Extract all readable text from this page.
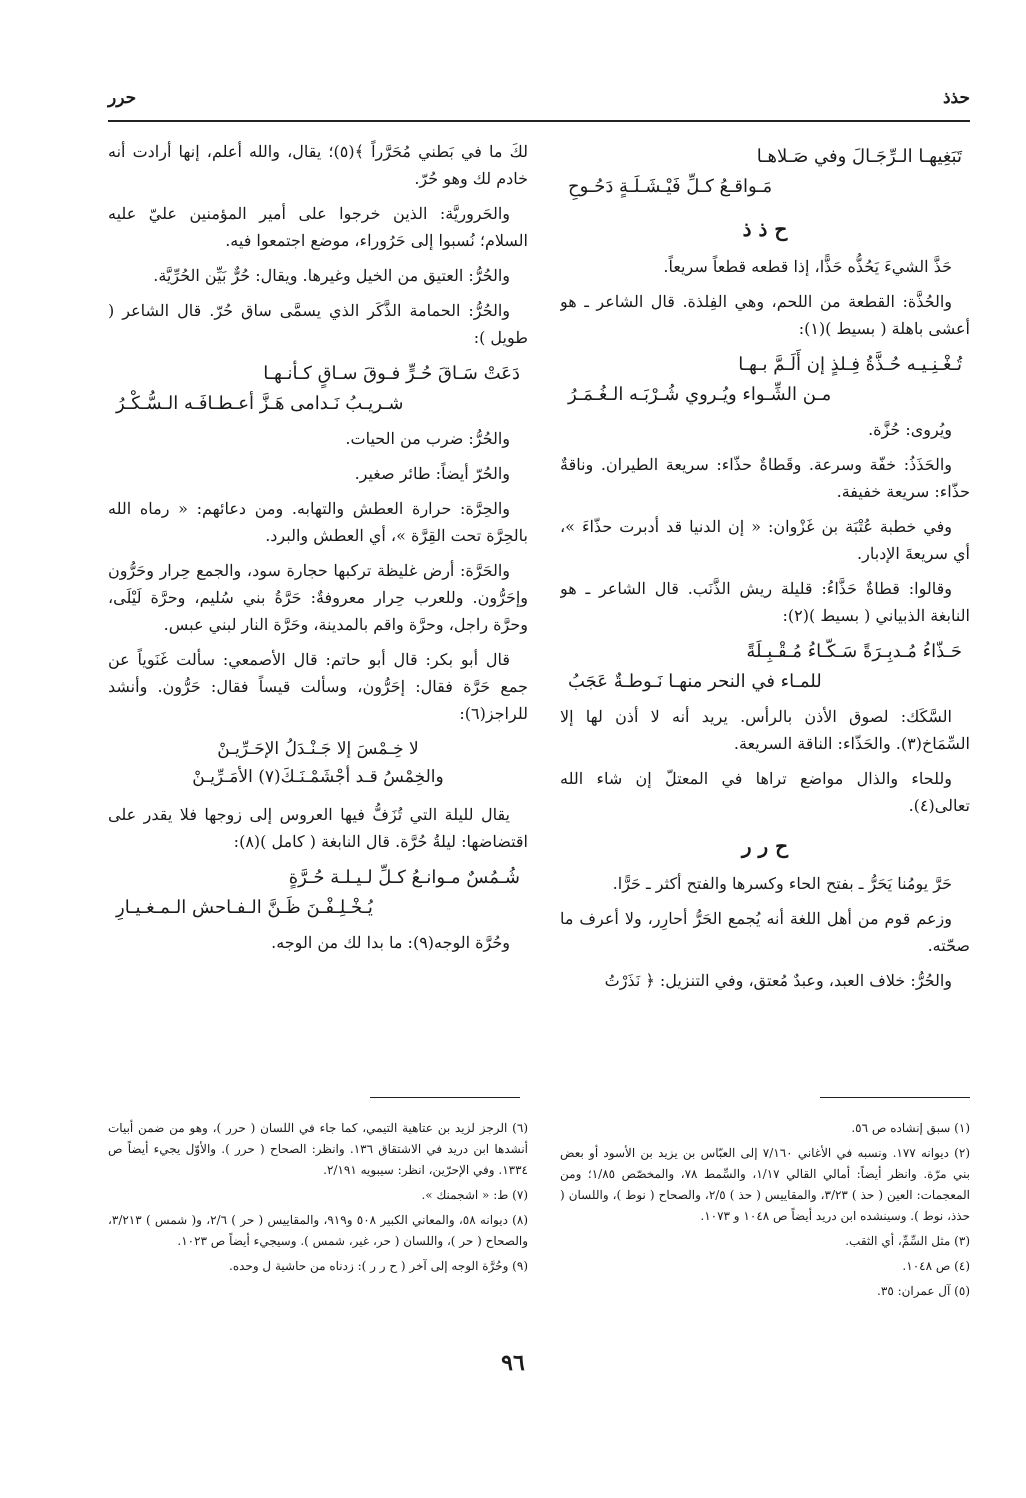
حذذ
حرر
تَبَغِيهـا الـرِّجَـالَ وفي صَـلاهـا
مَـواقـعُ كـلِّ فَيْـشَـلَـةٍ دَحُـوحِ
ح ذ ذ

حَذَّ الشيءَ يَحُذُّه حَذًّا، إذا قطعه قطعاً سريعاً.

والحُذَّة: القطعة من اللحم، وهي الفِلذة. قال الشاعر ـ هو أعشى باهلة ( بسيط )(١):

تُـغْـنِـيـه حُـذَّةُ فِـلذٍ إن أَلَـمَّ بـهـا
مـن الشِّـواء ويُـروي شُـرْبَـه الـغُـمَـرُ

ويُروى: حُزَّة.

والحَذَذُ: خفّة وسرعة. وقَطاةٌ حذّاء: سريعة الطيران. وناقةٌ حذّاء: سريعة خفيفة.

وفي خطبة عُتْبَة بن غَزْوان: « إن الدنيا قد أدبرت حذّاءَ »، أي سريعةَ الإدبار.

وقالوا: قطاةٌ حَذَّاءُ: قليلة ريش الذَّنَب. قال الشاعر ـ هو النابغة الذبياني ( بسيط )(٢):

حَـذّاءُ مُـدبِـرَةً سَـكّـاءُ مُـقْـبِـلَةً
للمـاء في النحر منهـا نَـوطـةٌ عَجَبُ

السَّكَك: لصوق الأذن بالرأس. يريد أنه لا أذن لها إلا السِّمَاخ(٣). والحَذّاء: الناقة السريعة.

وللحاء والذال مواضع تراها في المعتلّ إن شاء الله تعالى(٤).

ح ر ر

حَرَّ يومُنا يَحَرُّ ـ بفتح الحاء وكسرها والفتح أكثر ـ حَرًّا.

وزعم قوم من أهل اللغة أنه يُجمع الحَرُّ أحارِر، ولا أعرف ما صحّته.

والحُرُّ: خلاف العبد، وعبدٌ مُعتق، وفي التنزيل: ﴿ نَذَرْتُ

لكَ ما في بَطني مُحَرَّراً ﴾(٥)؛ يقال، والله أعلم، إنها أرادت أنه خادم لك وهو حُرّ.

والحَروريَّة: الذين خرجوا على أمير المؤمنين عليّ عليه السلام؛ نُسبوا إلى حَرُوراء، موضع اجتمعوا فيه.

والحُرُّ: العتيق من الخيل وغيرها. ويقال: حُرٌّ بَيِّن الحُرِّيَّة.

والحُرُّ: الحمامة الذَّكَر الذي يسمَّى ساق حُرّ. قال الشاعر ( طويل ):

دَعَتْ سَـاقَ حُـرٍّ فـوقَ سـاقٍ كـأنـهـا
شـريـبُ نَـدامى هَـزَّ أعـطـافَـه الـسُّـكْـرُ

والحُرُّ: ضرب من الحيات.

والحُرّ أيضاً: طائر صغير.

والحِرَّة: حرارة العطش والتهابه. ومن دعائهم: « رماه الله بالحِرَّة تحت القِرَّة »، أي العطش والبرد.

والحَرَّة: أرض غليظة تركبها حجارة سود، والجمع حِرار وحَرُّون وإحَرُّون. وللعرب حِرار معروفةٌ: حَرَّةُ بني سُليم، وحرَّة لَيْلَى، وحرَّة راجل، وحرَّة واقم بالمدينة، وحَرَّة النار لبني عبس.

قال أبو بكر: قال أبو حاتم: قال الأصمعي: سألت غَنَوياً عن جمع حَرَّة فقال: إحَرُّون، وسألت قيساً فقال: حَرُّون. وأنشد للراجز(٦):

لا خِـمْسَ إلا جَـنْـدَلُ الإحَـرِّيـنْ
والخِمْسُ قـد أجْشَمْـنَـكَ(٧) الأمَـرِّيـنْ

يقال لليلة التي تُزَفُّ فيها العروس إلى زوجها فلا يقدر على اقتضاضها: ليلةُ حُرَّة. قال النابغة ( كامل )(٨):

شُـمُسٌ مـوانـعُ كـلِّ لـيـلـة حُـرَّةٍ
يُـخْـلِـفْـنَ ظَـنَّ الـفـاحش الـمـغـيـارِ

وحُرَّة الوجه(٩): ما بدا لك من الوجه.

(١) سبق إنشاده ص ٥٦.

(٢) ديوانه ١٧٧. ونسبه في الأغاني ٧/١٦٠ إلى العبّاس بن يزيد بن الأسود أو بعض بني مرّة. وانظر أيضاً: أمالي القالي ١/١٧، والسِّمط ٧٨، والمخصّص ١/٨٥؛ ومن المعجمات: العين ( حذ ) ٣/٢٣، والمقاييس ( حذ ) ٢/٥، والصحاح ( نوط )، واللسان ( حذذ، نوط ). وسينشده ابن دريد أيضاً ص ١٠٤٨ و ١٠٧٣.

(٣) مثل السِّمِّ، أي الثقب.

(٤) ص ١٠٤٨.

(٥) آل عمران: ٣٥.

(٦) الرجز لزيد بن عتاهية التيمي، كما جاء في اللسان ( حرر )، وهو من ضمن أبيات أنشدها ابن دريد في الاشتقاق ١٣٦. وانظر: الصحاح ( حرر ). والأوّل يجيء أيضاً ص ١٣٣٤. وفي الإحرّين، انظر: سيبويه ٢/١٩١.

(٧) ط: « اشجمنك ».

(٨) ديوانه ٥٨، والمعاني الكبير ٥٠٨ و٩١٩، والمقاييس ( حر ) ٢/٦، و( شمس ) ٣/٢١٣، والصحاح ( حر )، واللسان ( حر، غير، شمس ). وسيجيء أيضاً ص ١٠٢٣.

(٩) وحُرَّة الوجه إلى آخر ( ح ر ر ): زدناه من حاشية ل وحده.

٩٦
